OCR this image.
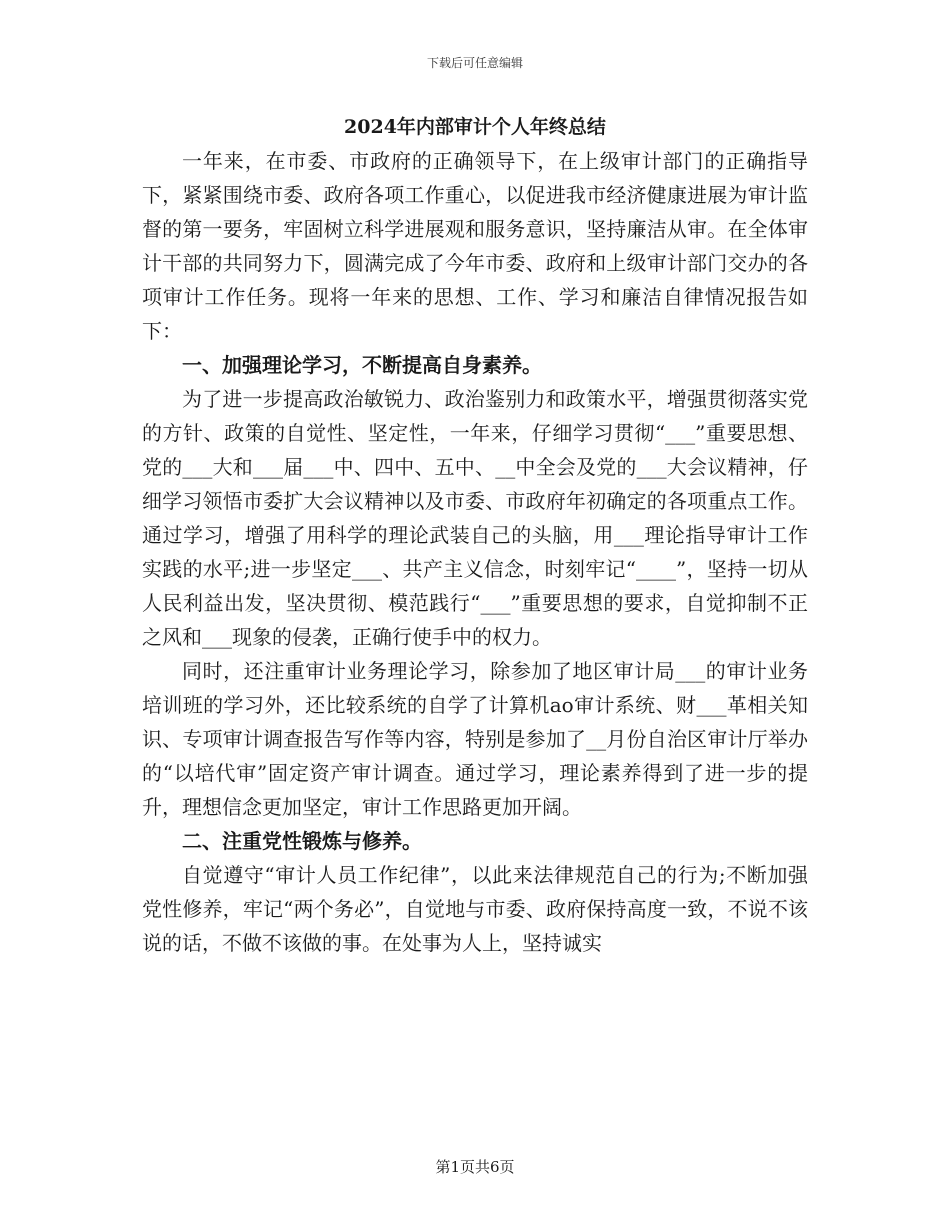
下载后可任意编辑
2024年内部审计个人年终总结

一年来，在市委、市政府的正确领导下，在上级审计部门的正确指导下，紧紧围绕市委、政府各项工作重心，以促进我市经济健康进展为审计监督的第一要务，牢固树立科学进展观和服务意识，坚持廉洁从审。在全体审计干部的共同努力下，圆满完成了今年市委、政府和上级审计部门交办的各项审计工作任务。现将一年来的思想、工作、学习和廉洁自律情况报告如下：

一、加强理论学习，不断提高自身素养。

为了进一步提高政治敏锐力、政治鉴别力和政策水平，增强贯彻落实党的方针、政策的自觉性、坚定性，一年来，仔细学习贯彻“___”重要思想、党的___大和___届___中、四中、五中、__中全会及党的___大会议精神，仔细学习领悟市委扩大会议精神以及市委、市政府年初确定的各项重点工作。通过学习，增强了用科学的理论武装自己的头脑，用___理论指导审计工作实践的水平;进一步坚定___、共产主义信念，时刻牢记“____”，坚持一切从人民利益出发，坚决贯彻、模范践行“___”重要思想的要求，自觉抑制不正之风和___现象的侵袭，正确行使手中的权力。

同时，还注重审计业务理论学习，除参加了地区审计局___的审计业务培训班的学习外，还比较系统的自学了计算机ao审计系统、财___革相关知识、专项审计调查报告写作等内容，特别是参加了__月份自治区审计厅举办的“以培代审”固定资产审计调查。通过学习，理论素养得到了进一步的提升，理想信念更加坚定，审计工作思路更加开阔。

二、注重党性锻炼与修养。

自觉遵守“审计人员工作纪律”，以此来法律规范自己的行为;不断加强党性修养，牢记“两个务必”，自觉地与市委、政府保持高度一致，不说不该说的话，不做不该做的事。在处事为人上，坚持诚实

第1页共6页
